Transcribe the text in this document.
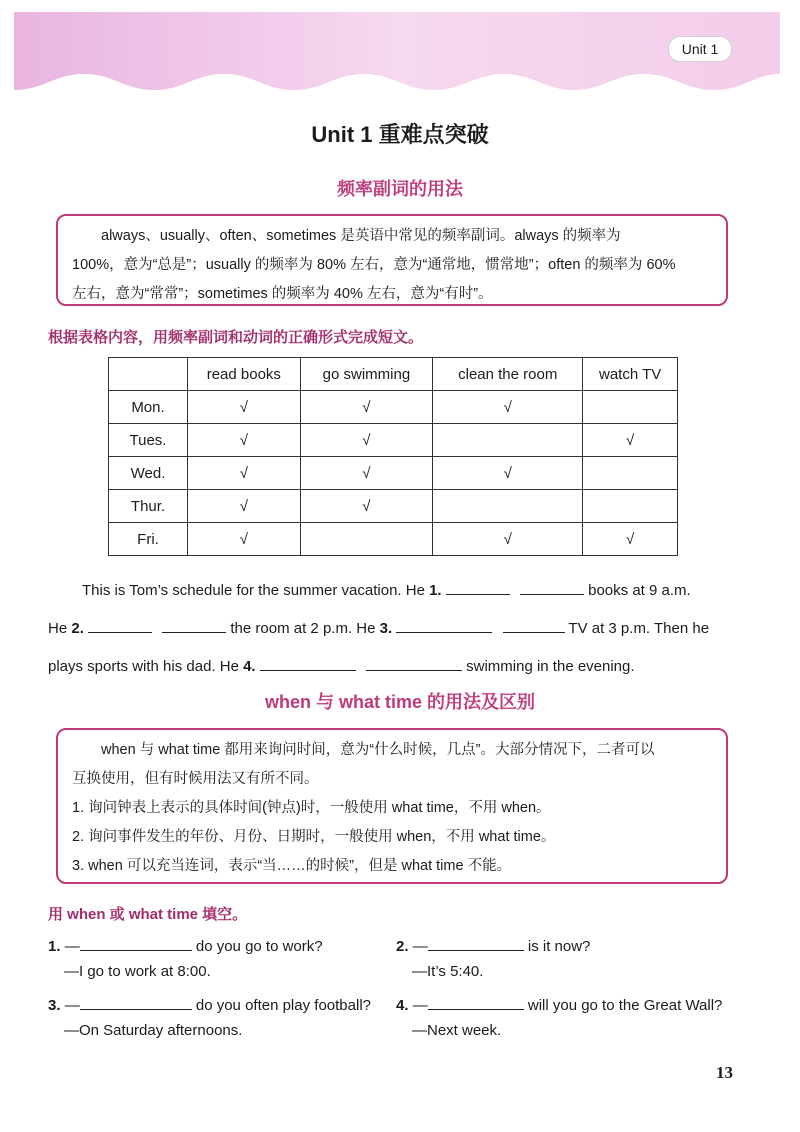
Unit 1
Unit 1 重难点突破
频率副词的用法

always、usually、often、sometimes 是英语中常见的频率副词。always 的频率为

100%，意为“总是”；usually 的频率为 80% 左右，意为“通常地，惯常地”；often 的频率为 60%

左右，意为“常常”；sometimes 的频率为 40% 左右，意为“有时”。

根据表格内容，用频率副词和动词的正确形式完成短文。
	read books	go swimming	clean the room	watch TV
Mon.	√	√	√	
Tues.	√	√		√
Wed.	√	√	√	
Thur.	√	√		
Fri.	√		√	√
This is Tom’s schedule for the summer vacation. He 1.	books at 9 a.m.
He 2.	the room at 2 p.m. He 3.	TV at 3 p.m. Then he
plays sports with his dad. He 4.	swimming in the evening.
when 与 what time 的用法及区别

when 与 what time 都用来询问时间，意为“什么时候，几点”。大部分情况下，二者可以

互换使用，但有时候用法又有所不同。

1. 询问钟表上表示的具体时间(钟点)时，一般使用 what time，不用 when。

2. 询问事件发生的年份、月份、日期时，一般使用 when，不用 what time。

3. when 可以充当连词，表示“当……的时候”，但是 what time 不能。

用 when 或 what time 填空。
1. —	do you go to work?
—I go to work at 8:00.
2. —	is it now?
—It’s 5:40.
3. —	do you often play football?
—On Saturday afternoons.
4. —	will you go to the Great Wall?
—Next week.
13
